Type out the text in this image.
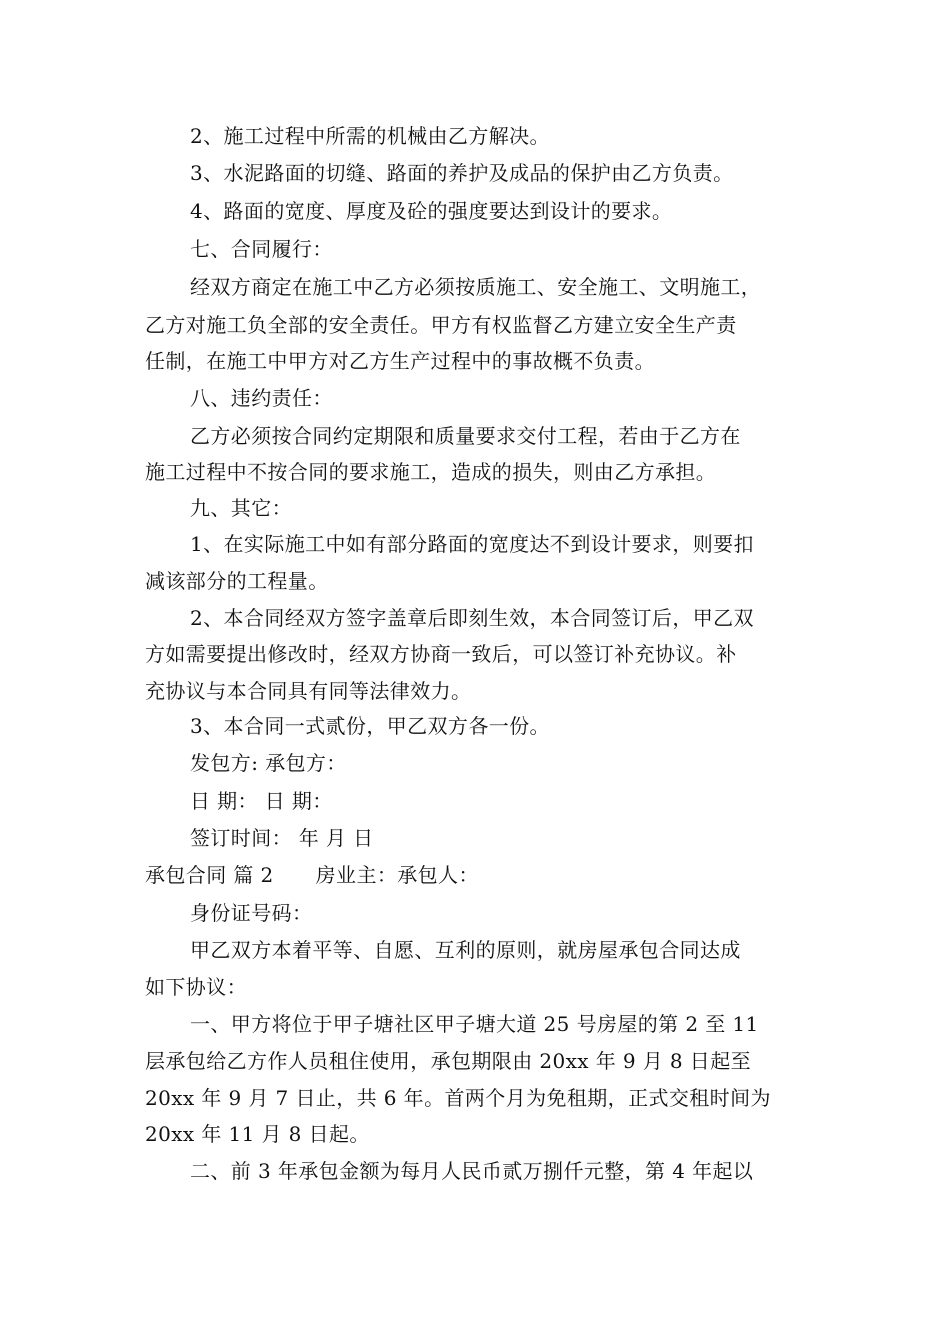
2、施工过程中所需的机械由乙方解决。
3、水泥路面的切缝、路面的养护及成品的保护由乙方负责。
4、路面的宽度、厚度及砼的强度要达到设计的要求。
七、合同履行：
经双方商定在施工中乙方必须按质施工、安全施工、文明施工，
乙方对施工负全部的安全责任。甲方有权监督乙方建立安全生产责
任制，在施工中甲方对乙方生产过程中的事故概不负责。
八、违约责任：
乙方必须按合同约定期限和质量要求交付工程，若由于乙方在
施工过程中不按合同的要求施工，造成的损失，则由乙方承担。
九、其它：
1、在实际施工中如有部分路面的宽度达不到设计要求，则要扣
减该部分的工程量。
2、本合同经双方签字盖章后即刻生效，本合同签订后，甲乙双
方如需要提出修改时，经双方协商一致后，可以签订补充协议。补
充协议与本合同具有同等法律效力。
3、本合同一式贰份，甲乙双方各一份。
发包方: 承包方：
日 期： 日 期：
签订时间： 年 月 日
承包合同 篇 2 房业主：承包人：
身份证号码：
甲乙双方本着平等、自愿、互利的原则，就房屋承包合同达成
如下协议：
一、甲方将位于甲子塘社区甲子塘大道 25 号房屋的第 2 至 11
层承包给乙方作人员租住使用，承包期限由 20xx 年 9 月 8 日起至
20xx 年 9 月 7 日止，共 6 年。首两个月为免租期，正式交租时间为
20xx 年 11 月 8 日起。
二、前 3 年承包金额为每月人民币贰万捌仟元整，第 4 年起以
